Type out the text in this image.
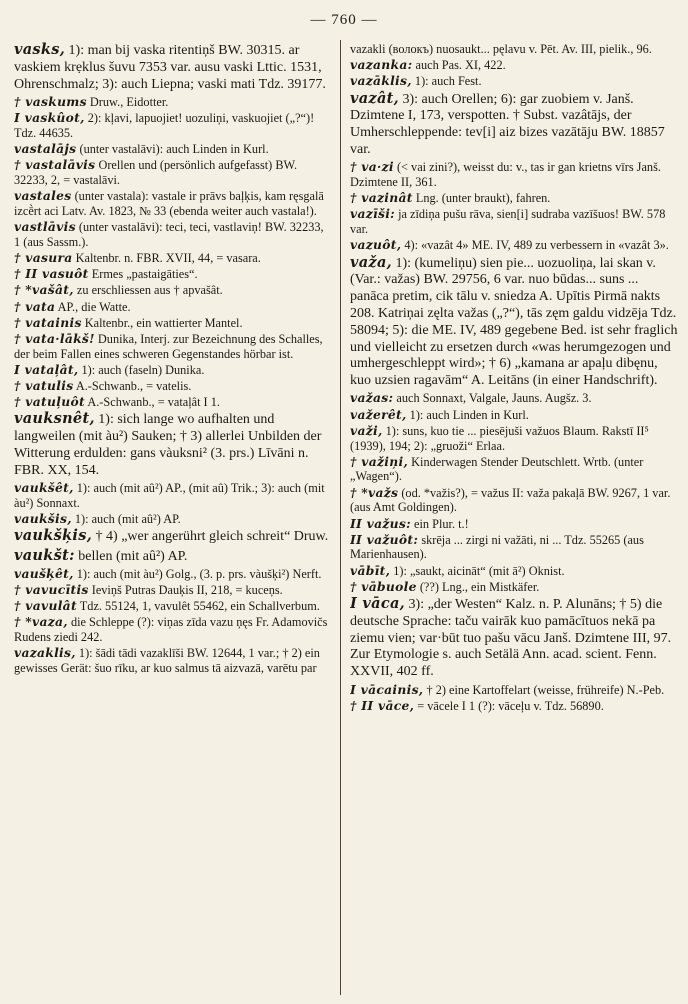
— 760 —

vasks, 1): man bij vaska ritentiņš BW. 30315. ar vaskiem krẹklus šuvu 7353 var. ausu vaski Lttic. 1531, Ohrenschmalz; 3): auch Liepna; vaski mati Tdz. 39177.

† vaskums Druw., Eidotter.

I vaskûot, 2): kļavi, lapuojiet! uozuliņi, vaskuojiet („?“)! Tdz. 44635.

vastalājs (unter vastalāvi): auch Linden in Kurl.

† vastalāvis Orellen und (persönlich aufgefasst) BW. 32233, 2, = vastalāvi.

vastales (unter vastala): vastale ir prāvs baļķis, kam ręsgalā izcḕrt aci Latv. Av. 1823, № 33 (ebenda weiter auch vastala!).

vastlāvis (unter vastalāvi): teci, teci, vastlaviņ! BW. 32233, 1 (aus Sassm.).

† vasura Kaltenbr. n. FBR. XVII, 44, = vasara.

† II vasuôt Ermes „pastaigāties“.

† *vašât, zu erschliessen aus † apvašât.

† vata AP., die Watte.

† vatainis Kaltenbr., ein wattierter Mantel.

† vata·lākš! Dunika, Interj. zur Bezeichnung des Schalles, der beim Fallen eines schweren Gegenstandes hörbar ist.

I vataļât, 1): auch (faseln) Dunika.

† vatulis A.-Schwanb., = vatelis.

† vatuļuôt A.-Schwanb., = vataļât I 1.

vauksnêt, 1): sich lange wo aufhalten und langweilen (mit àu²) Sauken; † 3) allerlei Unbilden der Witterung erdulden: gans vàuksni² (3. prs.) Līvāni n. FBR. XX, 154.

vaukšêt, 1): auch (mit aû²) AP., (mit aû) Trik.; 3): auch (mit àu²) Sonnaxt.

vaukšis, 1): auch (mit aû²) AP.

vaukšķis, † 4) „wer angerührt gleich schreit“ Druw.

vaukšt: bellen (mit aû²) AP.

vaušķêt, 1): auch (mit àu²) Golg., (3. p. prs. vàušķi²) Nerft.

† vavucītis Ieviņš Putras Dauķis II, 218, = kuceņs.

† vavulât Tdz. 55124, 1, vavulêt 55462, ein Schallverbum.

† *vaza, die Schleppe (?): viņas zīda vazu ņęs Fr. Adamovičs Rudens ziedi 242.

vazaklis, 1): šādi tādi vazaklīši BW. 12644, 1 var.; † 2) ein gewisses Gerät: šuo rīku, ar kuo salmus tā aizvazā, varētu par

vazakli (волокъ) nuosaukt... pęlavu v. Pēt. Av. III, pielik., 96.

vazanka: auch Pas. XI, 422.

vazāklis, 1): auch Fest.

vazât, 3): auch Orellen; 6): gar zuobiem v. Janš. Dzimtene I, 173, verspotten. † Subst. vazâtājs, der Umherschleppende: tev[i] aiz bizes vazātāju BW. 18857 var.

† va·zi (< vai zini?), weisst du: v., tas ir gan krietns vīrs Janš. Dzimtene II, 361.

† vazinât Lng. (unter braukt), fahren.

vazīši: ja zīdiņa pušu rāva, sien[i] sudraba vazīšuos! BW. 578 var.

vazuôt, 4): «vazât 4» ME. IV, 489 zu verbessern in «vazât 3».

važa, 1): (kumeliņu) sien pie... uozuoliņa, lai skan v. (Var.: važas) BW. 29756, 6 var. nuo būdas... suns ... panāca pretim, cik tālu v. sniedza A. Upītis Pirmā nakts 208. Katriņai zęlta važas („?“), tās zęm galdu vidzēja Tdz. 58094; 5): die ME. IV, 489 gegebene Bed. ist sehr fraglich und vielleicht zu ersetzen durch «was herumgezogen und umhergeschleppt wird»; † 6) „kamana ar apaļu dibęnu, kuo uzsien ragavām“ A. Leitāns (in einer Handschrift).

važas: auch Sonnaxt, Valgale, Jauns. Augšz. 3.

važerêt, 1): auch Linden in Kurl.

važi, 1): suns, kuo tie ... piesējuši važuos Blaum. Rakstī II⁵ (1939), 194; 2): „gruoži“ Erlaa.

† važiņi, Kinderwagen Stender Deutschlett. Wrtb. (unter „Wagen“).

† *važs (od. *važis?), = važus II: važa pakaļā BW. 9267, 1 var. (aus Amt Goldingen).

II važus: ein Plur. t.!

II važuôt: skrēja ... zirgi ni važāti, ni ... Tdz. 55265 (aus Marienhausen).

vābīt, 1): „saukt, aicināt“ (mit ā²) Oknist.

† vābuole (??) Lng., ein Mistkäfer.

I vāca, 3): „der Westen“ Kalz. n. P. Alunāns; † 5) die deutsche Sprache: taču vairāk kuo pamācītuos nekā pa ziemu vien; var·būt tuo pašu vācu Janš. Dzimtene III, 97. Zur Etymologie s. auch Setälä Ann. acad. scient. Fenn. XXVII, 402 ff.

I vācainis, † 2) eine Kartoffelart (weisse, frühreife) N.-Peb.

† II vāce, = vācele I 1 (?): vāceļu v. Tdz. 56890.
